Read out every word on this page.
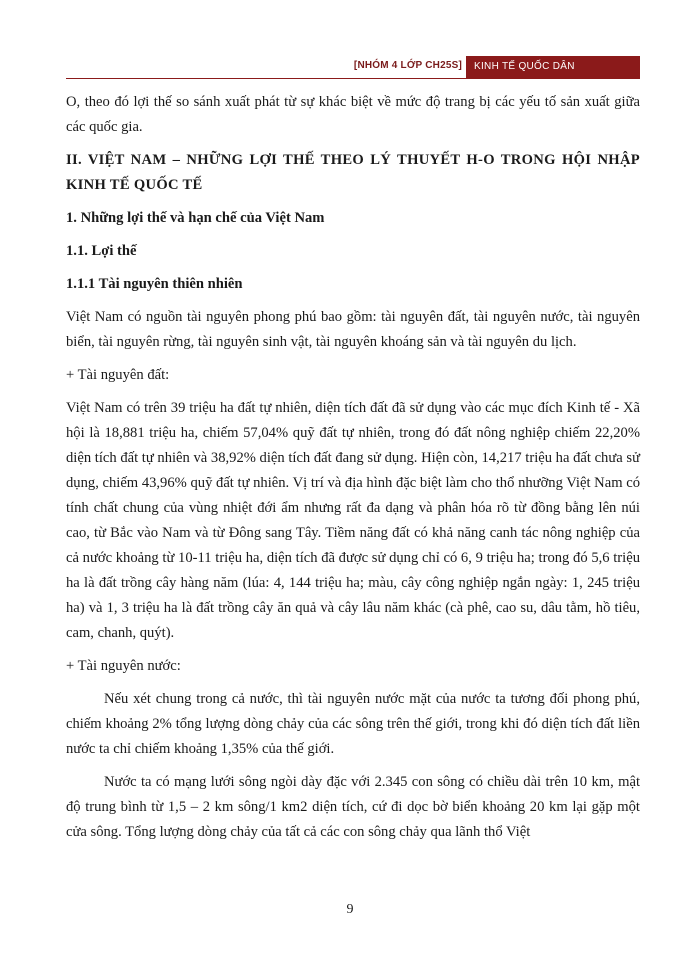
[NHÓM 4 LỚP CH25S]	KINH TẾ QUỐC DÂN

O, theo đó lợi thế so sánh xuất phát từ sự khác biệt về mức độ trang bị các yếu tố sản xuất giữa các quốc gia.

II. VIỆT NAM – NHỮNG LỢI THẾ THEO LÝ THUYẾT H-O TRONG HỘI NHẬP KINH TẾ QUỐC TẾ

1. Những lợi thế và hạn chế của Việt Nam

1.1. Lợi thế

1.1.1 Tài nguyên thiên nhiên

Việt Nam có nguồn tài nguyên phong phú bao gồm: tài nguyên đất, tài nguyên nước, tài nguyên biển, tài nguyên rừng, tài nguyên sinh vật, tài nguyên khoáng sản và tài nguyên du lịch.

+ Tài nguyên đất:

Việt Nam có trên 39 triệu ha đất tự nhiên, diện tích đất đã sử dụng vào các mục đích Kinh tế - Xã hội là 18,881 triệu ha, chiếm 57,04% quỹ đất tự nhiên, trong đó đất nông nghiệp chiếm 22,20% diện tích đất tự nhiên và 38,92% diện tích đất đang sử dụng. Hiện còn, 14,217 triệu ha đất chưa sử dụng, chiếm 43,96% quỹ đất tự nhiên. Vị trí và địa hình đặc biệt làm cho thổ nhưỡng Việt Nam có tính chất chung của vùng nhiệt đới ẩm nhưng rất đa dạng và phân hóa rõ từ đồng bằng lên núi cao, từ Bắc vào Nam và từ Đông sang Tây. Tiềm năng đất có khả năng canh tác nông nghiệp của cả nước khoảng từ 10-11 triệu ha, diện tích đã được sử dụng chỉ có 6, 9 triệu ha; trong đó 5,6 triệu ha là đất trồng cây hàng năm (lúa: 4, 144 triệu ha; màu, cây công nghiệp ngắn ngày: 1, 245 triệu ha) và 1, 3 triệu ha là đất trồng cây ăn quả và cây lâu năm khác (cà phê, cao su, dâu tằm, hồ tiêu, cam, chanh, quýt).

+ Tài nguyên nước:

Nếu xét chung trong cả nước, thì tài nguyên nước mặt của nước ta tương đối phong phú, chiếm khoảng 2% tổng lượng dòng chảy của các sông trên thế giới, trong khi đó diện tích đất liền nước ta chỉ chiếm khoảng 1,35% của thế giới.

Nước ta có mạng lưới sông ngòi dày đặc với 2.345 con sông có chiều dài trên 10 km, mật độ trung bình từ 1,5 – 2 km sông/1 km2 diện tích, cứ đi dọc bờ biển khoảng 20 km lại gặp một cửa sông. Tổng lượng dòng chảy của tất cả các con sông chảy qua lãnh thổ Việt

9
